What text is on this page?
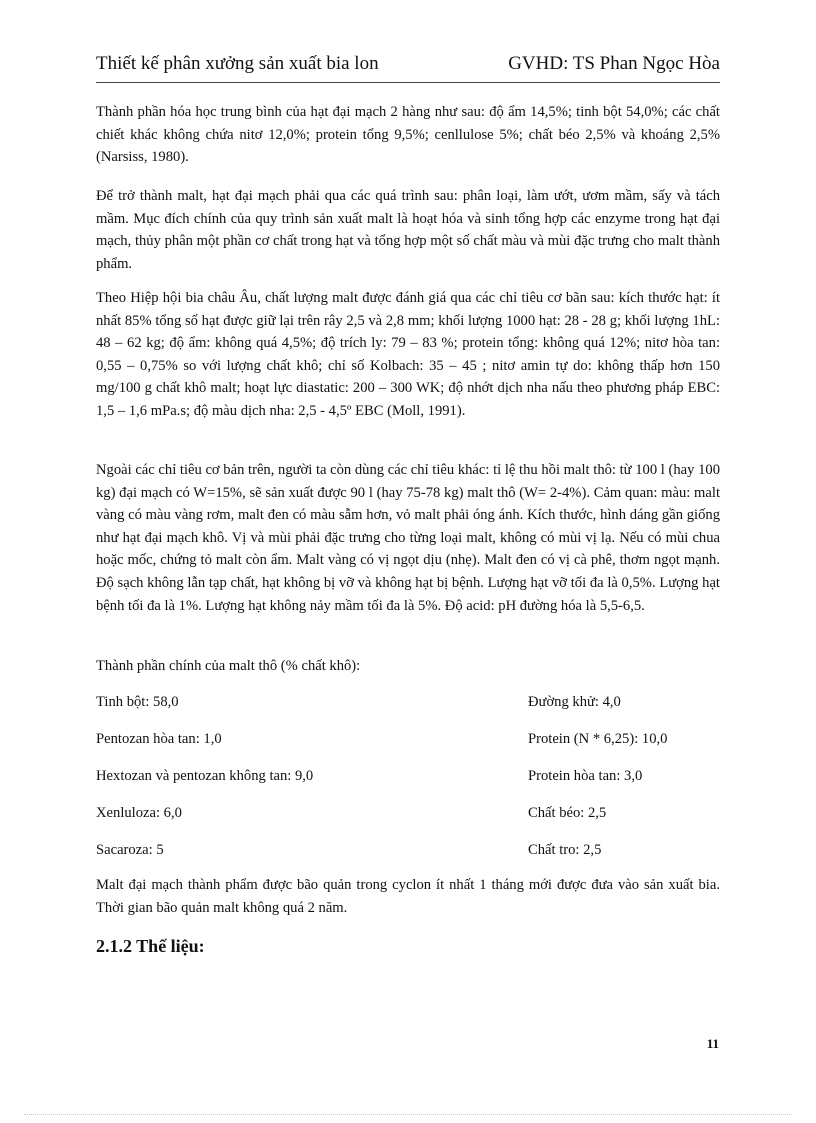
Thiết kế phân xưởng sản xuất bia lon	GVHD: TS Phan Ngọc Hòa

Thành phần hóa học trung bình của hạt đại mạch 2 hàng như sau: độ ẩm 14,5%; tinh bột 54,0%; các chất chiết khác không chứa nitơ 12,0%; protein tổng 9,5%; cenllulose 5%; chất béo 2,5% và khoáng 2,5% (Narsiss, 1980).

Để trở thành malt, hạt đại mạch phải qua các quá trình sau: phân loại, làm ướt, ươm mầm, sấy và tách mầm. Mục đích chính của quy trình sản xuất malt là hoạt hóa và sinh tổng hợp các enzyme trong hạt đại mạch, thủy phân một phần cơ chất trong hạt và tổng hợp một số chất màu và mùi đặc trưng cho malt thành phẩm.

Theo Hiệp hội bia châu Âu, chất lượng malt được đánh giá qua các chỉ tiêu cơ bãn sau: kích thước hạt: ít nhất 85% tổng số hạt được giữ lại trên rây 2,5 và 2,8 mm; khối lượng 1000 hạt: 28 - 28 g; khối lượng 1hL: 48 – 62 kg; độ ẩm: không quá 4,5%; độ trích ly: 79 – 83 %; protein tổng: không quá 12%; nitơ hòa tan: 0,55 – 0,75% so với lượng chất khô; chỉ số Kolbach: 35 – 45 ; nitơ amin tự do: không thấp hơn 150 mg/100 g chất khô malt; hoạt lực diastatic: 200 – 300 WK; độ nhớt dịch nha nấu theo phương pháp EBC: 1,5 – 1,6 mPa.s; độ màu dịch nha: 2,5 - 4,5º EBC (Moll, 1991).

Ngoài các chỉ tiêu cơ bản trên, người ta còn dùng các chỉ tiêu khác: tỉ lệ thu hồi malt thô: từ 100 l (hay 100 kg) đại mạch có W=15%, sẽ sản xuất được 90 l (hay 75-78 kg) malt thô (W= 2-4%). Cảm quan: màu: malt vàng có màu vàng rơm, malt đen có màu sẫm hơn, vỏ malt phải óng ánh. Kích thước, hình dáng gần giống như hạt đại mạch khô. Vị và mùi phải đặc trưng cho từng loại malt, không có mùi vị lạ. Nếu có mùi chua hoặc mốc, chứng tỏ malt còn ẩm. Malt vàng có vị ngọt dịu (nhẹ). Malt đen có vị cà phê, thơm ngọt mạnh. Độ sạch không lẫn tạp chất, hạt không bị vỡ và không hạt bị bệnh. Lượng hạt vỡ tối đa là 0,5%. Lượng hạt bệnh tối đa là 1%. Lượng hạt không nảy mầm tối đa là 5%. Độ acid: pH đường hóa là 5,5-6,5.

Thành phần chính của malt thô (% chất khô):

Tinh bột: 58,0	Đường khử: 4,0
Pentozan hòa tan: 1,0	Protein (N * 6,25): 10,0
Hextozan và pentozan không tan: 9,0	Protein hòa tan: 3,0
Xenluloza: 6,0	Chất béo: 2,5
Sacaroza: 5	Chất tro: 2,5

Malt đại mạch thành phẩm được bão quản trong cyclon ít nhất 1 tháng mới được đưa vào sản xuất bia. Thời gian bão quản malt không quá 2 năm.

2.1.2 Thế liệu:
11
